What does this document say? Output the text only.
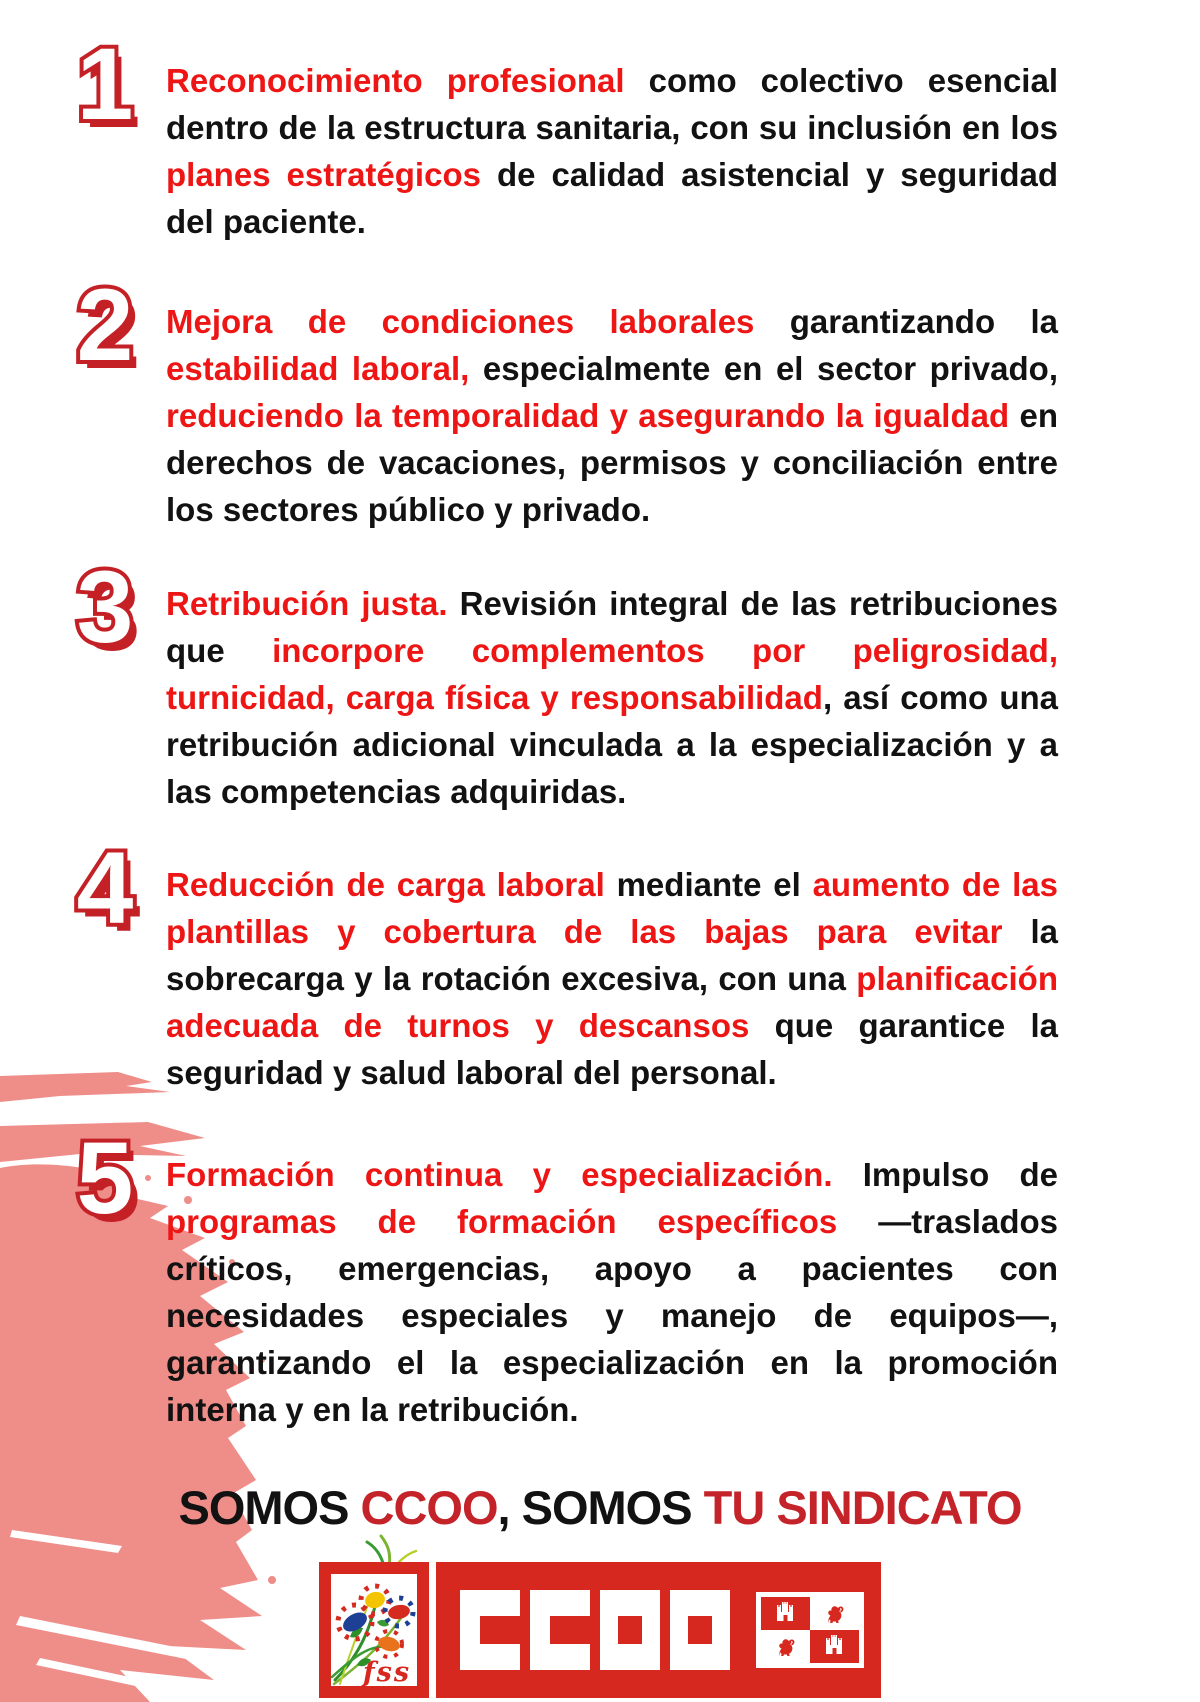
1	Reconocimiento profesional como colectivo esencial dentro de la estructura sanitaria, con su inclusión en los planes estratégicos de calidad asistencial y seguridad del paciente.

2	Mejora de condiciones laborales garantizando la estabilidad laboral, especialmente en el sector privado, reduciendo la temporalidad y asegurando la igualdad en derechos de vacaciones, permisos y conciliación entre los sectores público y privado.

3	Retribución justa. Revisión integral de las retribuciones que incorpore complementos por peligrosidad, turnicidad, carga física y responsabilidad, así como una retribución adicional vinculada a la especialización y a las competencias adquiridas.

4	Reducción de carga laboral mediante el aumento de las plantillas y cobertura de las bajas para evitar la sobrecarga y la rotación excesiva, con una planificación adecuada de turnos y descansos que garantice la seguridad y salud laboral del personal.

5	Formación continua y especialización. Impulso de programas de formación específicos —traslados críticos, emergencias, apoyo a pacientes con necesidades especiales y manejo de equipos—, garantizando el la especialización en la promoción interna y en la retribución.

SOMOS CCOO, SOMOS TU SINDICATO
fss
